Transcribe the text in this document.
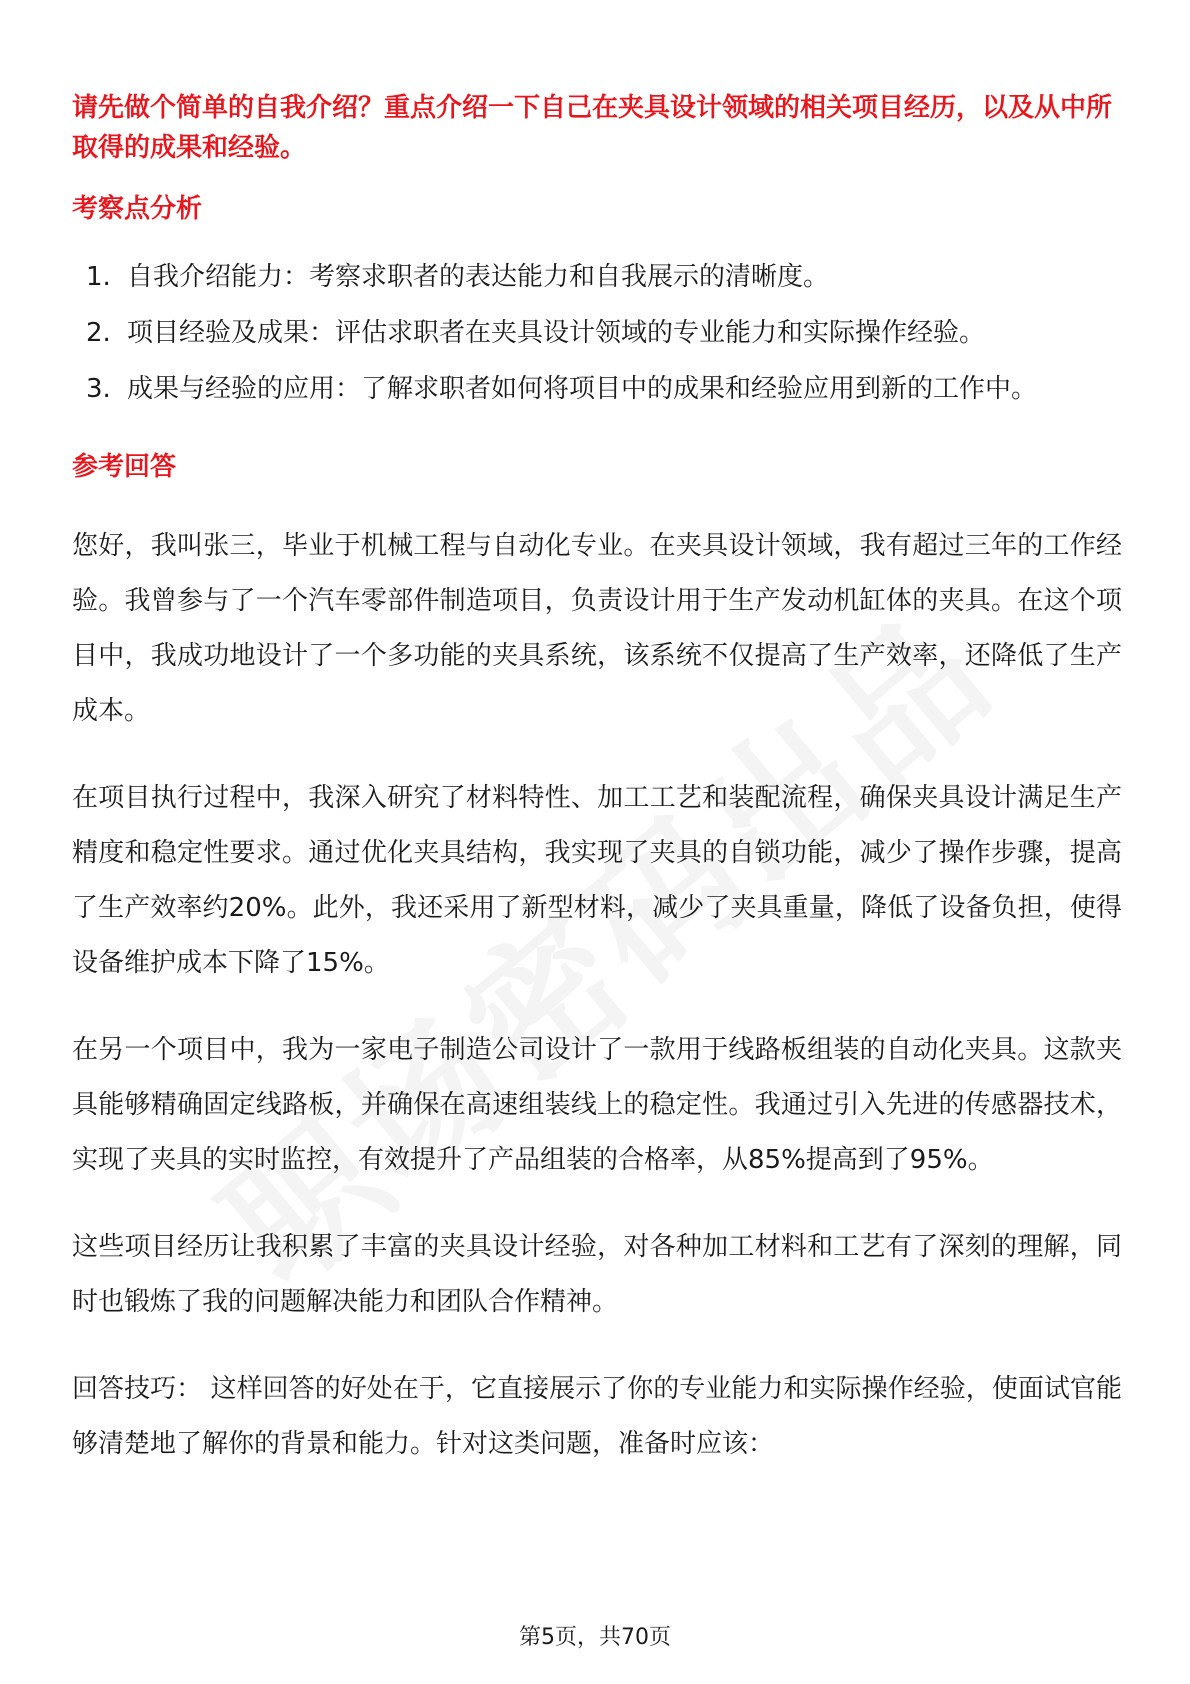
请先做个简单的自我介绍？重点介绍一下自己在夹具设计领域的相关项目经历，以及从中所取得的成果和经验。

考察点分析
1. 自我介绍能力：考察求职者的表达能力和自我展示的清晰度。
2. 项目经验及成果：评估求职者在夹具设计领域的专业能力和实际操作经验。
3. 成果与经验的应用：了解求职者如何将项目中的成果和经验应用到新的工作中。
参考回答

您好，我叫张三，毕业于机械工程与自动化专业。在夹具设计领域，我有超过三年的工作经验。我曾参与了一个汽车零部件制造项目，负责设计用于生产发动机缸体的夹具。在这个项目中，我成功地设计了一个多功能的夹具系统，该系统不仅提高了生产效率，还降低了生产成本。

在项目执行过程中，我深入研究了材料特性、加工工艺和装配流程，确保夹具设计满足生产精度和稳定性要求。通过优化夹具结构，我实现了夹具的自锁功能，减少了操作步骤，提高了生产效率约20%。此外，我还采用了新型材料，减少了夹具重量，降低了设备负担，使得设备维护成本下降了15%。

在另一个项目中，我为一家电子制造公司设计了一款用于线路板组装的自动化夹具。这款夹具能够精确固定线路板，并确保在高速组装线上的稳定性。我通过引入先进的传感器技术，实现了夹具的实时监控，有效提升了产品组装的合格率，从85%提高到了95%。

这些项目经历让我积累了丰富的夹具设计经验，对各种加工材料和工艺有了深刻的理解，同时也锻炼了我的问题解决能力和团队合作精神。

回答技巧： 这样回答的好处在于，它直接展示了你的专业能力和实际操作经验，使面试官能够清楚地了解你的背景和能力。针对这类问题，准备时应该：

第5页，共70页
